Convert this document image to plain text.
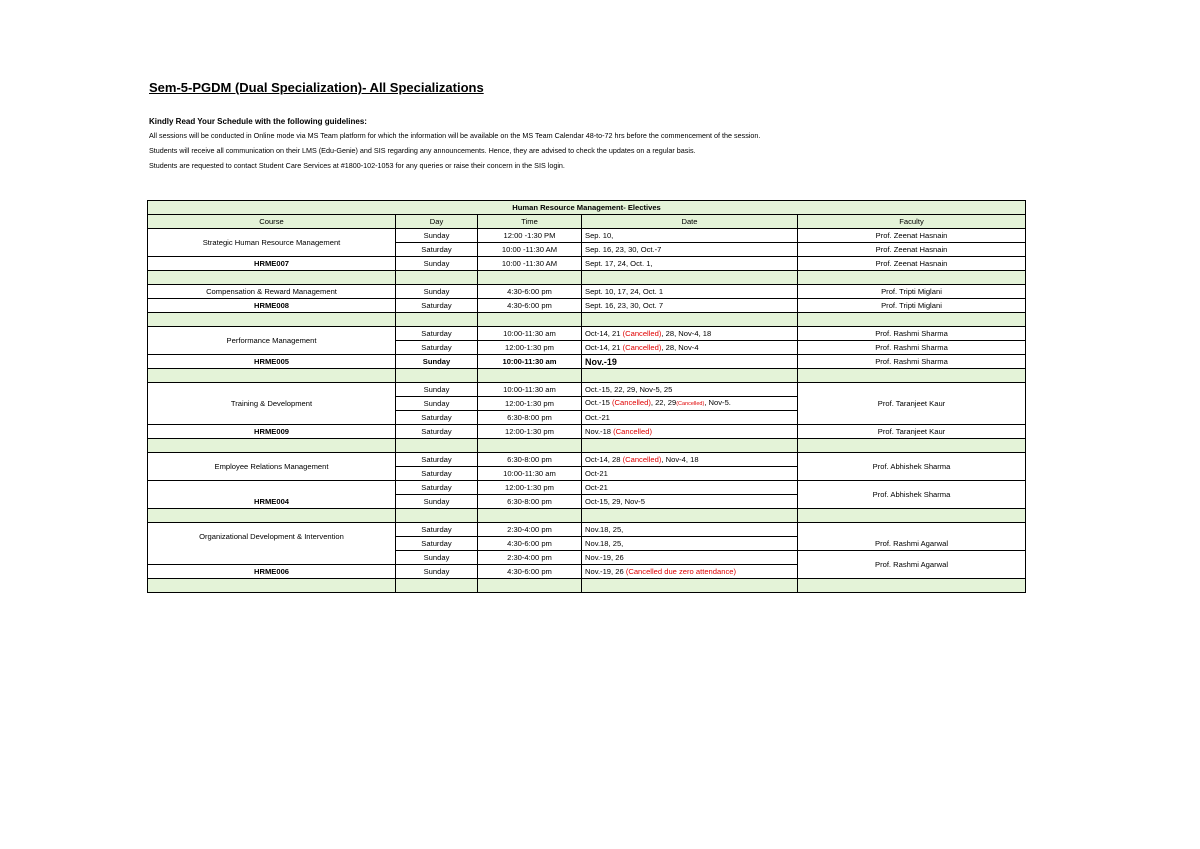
Sem-5-PGDM (Dual Specialization)- All Specializations
Kindly Read Your Schedule with the following guidelines:
All sessions will be conducted in Online mode via MS Team platform for which the information will be available on the MS Team Calendar 48-to-72 hrs before the commencement of the session.
Students will receive all communication on their LMS (Edu-Genie) and SIS regarding any announcements. Hence, they are advised to check the updates on a regular basis.
Students are requested to contact Student Care Services at #1800-102-1053 for any queries or raise their concern in the SIS login.
Human Resource Management- Electives				
Course	Day	Time	Date	Faculty
Strategic Human Resource Management	Sunday	12:00 -1:30 PM	Sep. 10,	Prof. Zeenat Hasnain
	Saturday	10:00 -11:30 AM	Sep. 16, 23, 30, Oct.-7	Prof. Zeenat Hasnain
HRME007	Sunday	10:00 -11:30 AM	Sept. 17, 24, Oct. 1,	Prof. Zeenat Hasnain

Compensation & Reward Management	Sunday	4:30-6:00 pm	Sept. 10, 17, 24, Oct. 1	Prof. Tripti Miglani
HRME008	Saturday	4:30-6:00 pm	Sept. 16, 23, 30, Oct. 7	Prof. Tripti Miglani

Performance Management	Saturday	10:00-11:30 am	Oct-14, 21 (Cancelled), 28, Nov-4, 18	Prof. Rashmi Sharma
	Saturday	12:00-1:30 pm	Oct-14, 21 (Cancelled), 28, Nov-4	Prof. Rashmi Sharma
HRME005	Sunday	10:00-11:30 am	Nov.-19	Prof. Rashmi Sharma

Training & Development	Sunday	10:00-11:30 am	Oct.-15, 22, 29, Nov-5, 25	Prof. Taranjeet Kaur
	Sunday	12:00-1:30 pm	Oct.-15 (Cancelled), 22, 29(Cancelled), Nov-5.	
	Saturday	6:30-8:00 pm	Oct.-21	
HRME009	Saturday	12:00-1:30 pm	Nov.-18 (Cancelled)	Prof. Taranjeet Kaur

Employee Relations Management	Saturday	6:30-8:00 pm	Oct-14, 28 (Cancelled), Nov-4, 18	Prof. Abhishek Sharma
	Saturday	10:00-11:30 am	Oct-21	
HRME004	Saturday	12:00-1:30 pm	Oct-21	Prof. Abhishek Sharma
	Sunday	6:30-8:00 pm	Oct-15, 29, Nov-5	

Organizational Development & Intervention	Saturday	2:30-4:00 pm	Nov.18, 25,	Prof. Rashmi Agarwal
	Saturday	4:30-6:00 pm	Nov.18, 25,	
	Sunday	2:30-4:00 pm	Nov.-19, 26	Prof. Rashmi Agarwal
HRME006	Sunday	4:30-6:00 pm	Nov.-19, 26 (Cancelled due zero attendance)	
